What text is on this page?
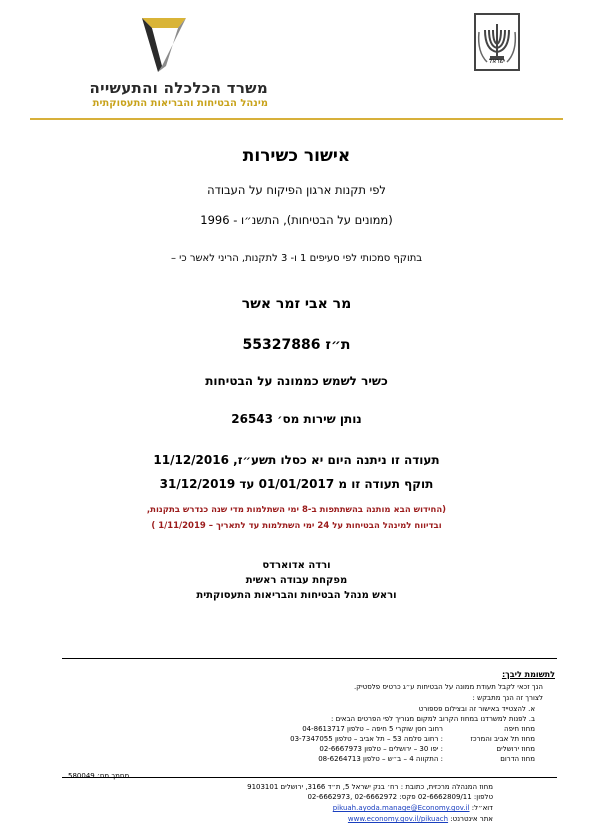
ישראל
משרד הכלכלה והתעשייה
מינהל הבטיחות והבריאות התעסוקתית
אישור כשירות
לפי תקנות ארגון הפיקוח על העבודה
(ממונים על הבטיחות), התשנ״ו - 1996
בתוקף סמכותי לפי סעיפים 1 ו- 3 לתקנות, הריני לאשר כי –
מר אבי זמר אשר
ת״ז 55327886
כשיר לשמש כממונה על הבטיחות
נותן שירות מס׳ 26543
תעודה זו ניתנה היום יא כסלו תשע״ז, 11/12/2016
תוקף תעודה זו מ 01/01/2017 עד 31/12/2019
(החידוש הבא מותנה בהשתתפות ב-8 ימי השתלמות מדי שנה כנדרש בתקנות,
ובדיווח למינהל הבטיחות על 24 ימי השתלמות עד לתאריך – 1/11/2019 )
ורדה אדוארדס
מפקחת עבודה ראשית
וראש מנהל הבטיחות והבריאות התעסוקתית
לתשומת ליבך:
הנך זכאי לקבל תעודת ממונה על הבטיחות ע״ג כרטיס פלסטיק.
לצורך זה הנך מתבקש :
א. להצטייד באישור זה ובצילום פספורט
ב. לפנות למשרדנו במחוז הקרוב למקום מגוריך לפי הפרטים הבאים :
מחוז חיפה
רחוב חסן שוקרי 5 חיפה – טלפון 04-8613717
מחוז תל אביב והמרכז
: רחוב סלמה 53 – תל אביב – טלפון 03-7347055
מחוז ירושלים
: יפו 30 – ירושלים – טלפון 02-6667973
מחוז הדרום
: התקווה 4 – ב״ש – טלפון 08-6264713
מסמך מס׳ 580049
מחוז המנהלה מרכזית, כתובת : רח׳ בנק ישראל 5, ת״ד 3166, ירושלים 9103101
טלפון: 02-6662809/11 פקס: 02-6662972 ,02-6662973
דוא״ל: pikuah.ayoda.manage@Economy.gov.il
אתר אינטרנט: www.economy.gov.il/pikuach
